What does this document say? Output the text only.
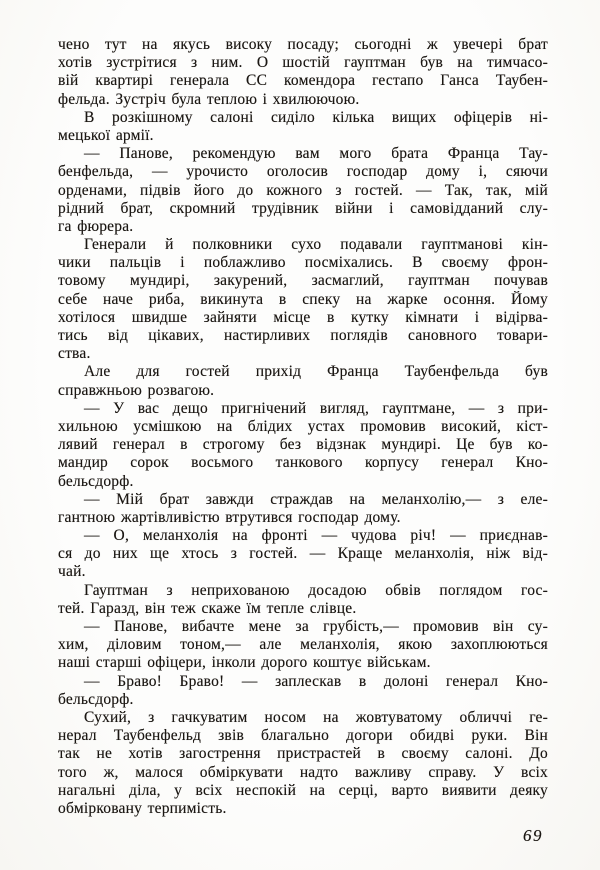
чено тут на якусь високу посаду; сьогодні ж увечері брат
хотів зустрітися з ним. О шостій гауптман був на тимчасо-
вій квартирі генерала СС комендора гестапо Ганса Таубен-
фельда. Зустріч була теплою і хвилюючою.
В розкішному салоні сиділо кілька вищих офіцерів ні-
мецької армії.
— Панове, рекомендую вам мого брата Франца Тау-
бенфельда, — урочисто оголосив господар дому і, сяючи
орденами, підвів його до кожного з гостей. — Так, так, мій
рідний брат, скромний трудівник війни і самовідданий слу-
га фюрера.
Генерали й полковники сухо подавали гауптманові кін-
чики пальців і поблажливо посміхались. В своєму фрон-
товому мундирі, закурений, засмаглий, гауптман почував
себе наче риба, викинута в спеку на жарке осоння. Йому
хотілося швидше зайняти місце в кутку кімнати і відірва-
тись від цікавих, настирливих поглядів сановного товари-
ства.
Але для гостей прихід Франца Таубенфельда був
справжньою розвагою.
— У вас дещо пригнічений вигляд, гауптмане, — з при-
хильною усмішкою на блідих устах промовив високий, кіст-
лявий генерал в строгому без відзнак мундирі. Це був ко-
мандир сорок восьмого танкового корпусу генерал Кно-
бельсдорф.
— Мій брат завжди страждав на меланхолію,— з еле-
гантною жартівливістю втрутився господар дому.
— О, меланхолія на фронті — чудова річ! — приєднав-
ся до них ще хтось з гостей. — Краще меланхолія, ніж від-
чай.
Гауптман з неприхованою досадою обвів поглядом гос-
тей. Гаразд, він теж скаже їм тепле слівце.
— Панове, вибачте мене за грубість,— промовив він су-
хим, діловим тоном,— але меланхолія, якою захоплюються
наші старші офіцери, інколи дорого коштує військам.
— Браво! Браво! — заплескав в долоні генерал Кно-
бельсдорф.
Сухий, з гачкуватим носом на жовтуватому обличчі ге-
нерал Таубенфельд звів благально догори обидві руки. Він
так не хотів загострення пристрастей в своєму салоні. До
того ж, малося обміркувати надто важливу справу. У всіх
нагальні діла, у всіх неспокій на серці, варто виявити деяку
обмірковану терпимість.
69
